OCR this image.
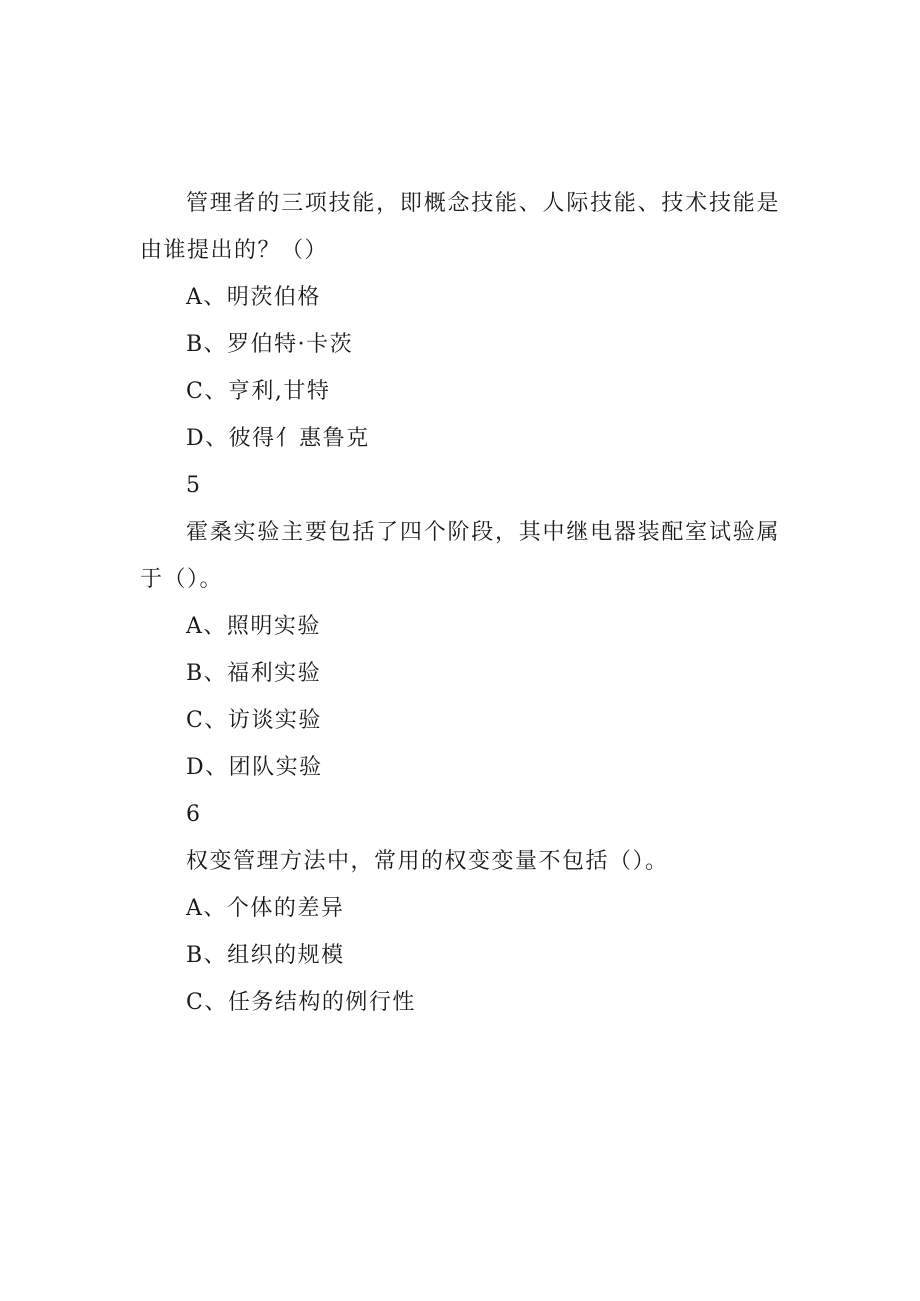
管理者的三项技能，即概念技能、人际技能、技术技能是由谁提出的？（）
A、明茨伯格
B、罗伯特·卡茨
C、亨利,甘特
D、彼得亻惠鲁克
5
霍桑实验主要包括了四个阶段，其中继电器装配室试验属于（）。
A、照明实验
B、福利实验
C、访谈实验
D、团队实验
6
权变管理方法中，常用的权变变量不包括（）。
A、个体的差异
B、组织的规模
C、任务结构的例行性
